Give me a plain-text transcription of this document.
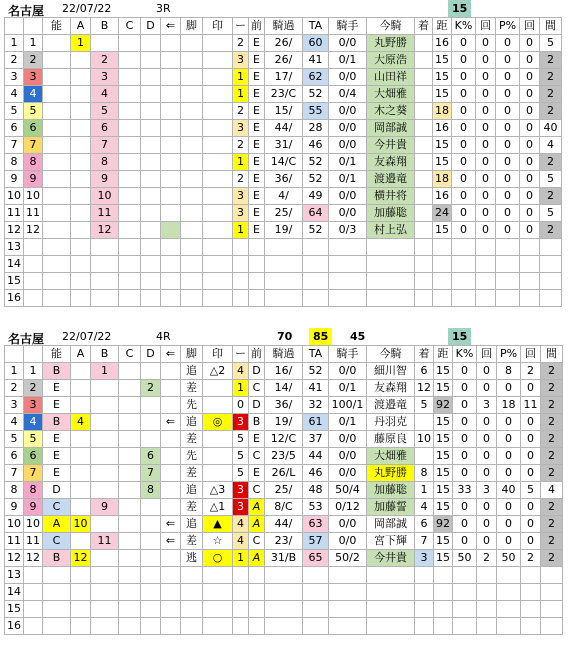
名古屋 22/07/22	3R	15
		能	A	B	C	D	⇐	脚	印	ー	前	騎過	TA	騎手	今騎	着	距	K%	回	P%	回	間
1	1		1							2	E	26/	60	0/0	丸野勝		16	0	0	0	0	5
2	2			2						3	E	26/	41	0/1	大原浩		15	0	0	0	0	2
3	3			3						1	E	17/	62	0/0	山田祥		15	0	0	0	0	2
4	4			4						1	E	23/C	52	0/4	大畑雅		15	0	0	0	0	2
5	5			5						2	E	15/	55	0/0	木之葵		18	0	0	0	0	2
6	6			6						3	E	44/	28	0/0	岡部誠		16	0	0	0	0	40
7	7			7						2	E	31/	46	0/0	今井貴		15	0	0	0	0	4
8	8			8						1	E	14/C	52	0/1	友森翔		15	0	0	0	0	2
9	9			9						2	E	36/	52	0/1	渡邉竜		18	0	0	0	0	5
10	10			10						3	E	4/	49	0/0	横井将		16	0	0	0	0	2
11	11			11						3	E	25/	64	0/0	加藤聡		24	0	0	0	0	5
12	12			12						1	E	19/	52	0/3	村上弘		15	0	0	0	0	2
13																						
14																						
15																						
16																						
名古屋 22/07/22	4R	70	85	45	15
		能	A	B	C	D	⇐	脚	印	ー	前	騎過	TA	騎手	今騎	着	距	K%	回	P%	回	間
1	1	B		1				追	△2	4	D	16/	52	0/0	細川智	6	15	0	0	8	2	2
2	2	E				2		差		1	C	14/	41	0/1	友森翔	12	15	0	0	0	0	2
3	3	E						先		0	D	36/	32	100/1	渡邉竜	5	92	0	3	18	11	2
4	4	B	4				⇐	追	◎	3	B	19/	61	0/1	丹羽克		15	0	0	0	0	2
5	5	E						差		5	E	12/C	37	0/0	藤原良	10	15	0	0	0	0	2
6	6	E				6		先		5	C	23/5	44	0/0	大畑雅		15	0	0	0	0	2
7	7	E				7		差		5	E	26/L	46	0/0	丸野勝	8	15	0	0	0	0	2
8	8	D				8		追	△3	3	C	25/	48	50/4	加藤聡	1	15	33	3	40	5	4
9	9	C		9				差	△1	3	A	8/C	53	0/12	加藤誓	4	15	0	0	0	0	2
10	10	A	10				⇐	追	▲	4	A	44/	63	0/0	岡部誠	6	92	0	0	0	0	2
11	11	C		11			⇐	差	☆	4	C	23/	57	0/0	宮下輝	7	15	0	0	0	0	2
12	12	B	12					逃	○	1	A	31/B	65	50/2	今井貴	3	15	50	2	50	2	2
13																						
14																						
15																						
16																						
